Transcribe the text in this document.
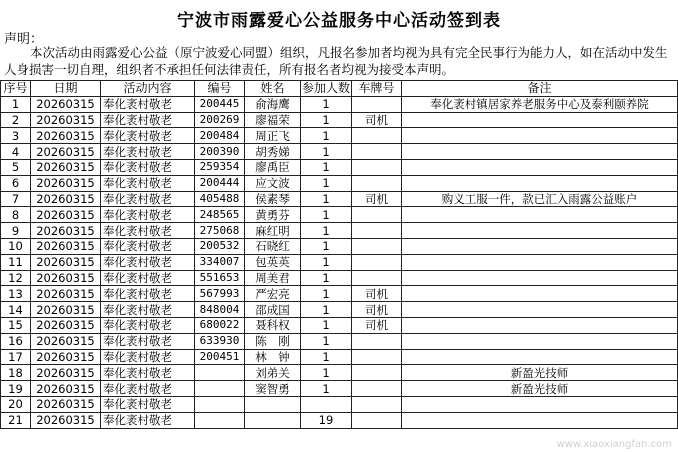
宁波市雨露爱心公益服务中心活动签到表
声明：
本次活动由雨露爱心公益（原宁波爱心同盟）组织，凡报名参加者均视为具有完全民事行为能力人，如在活动中发生人身损害一切自理，组织者不承担任何法律责任，所有报名者均视为接受本声明。
序号	日期	活动内容	编号	姓名	参加人数	车牌号	备注
1	20260315	奉化袤村敬老	200445	俞海鹰	1		奉化袤村镇居家养老服务中心及泰利颐养院
2	20260315	奉化袤村敬老	200269	廖福荣	1	司机	
3	20260315	奉化袤村敬老	200484	周正飞	1		
4	20260315	奉化袤村敬老	200390	胡秀娣	1		
5	20260315	奉化袤村敬老	259354	廖禹臣	1		
6	20260315	奉化袤村敬老	200444	应文波	1		
7	20260315	奉化袤村敬老	405488	侯素琴	1	司机	购义工服一件，款已汇入雨露公益账户
8	20260315	奉化袤村敬老	248565	黄勇芬	1		
9	20260315	奉化袤村敬老	275068	麻红明	1		
10	20260315	奉化袤村敬老	200532	石晓红	1		
11	20260315	奉化袤村敬老	334007	包英英	1		
12	20260315	奉化袤村敬老	551653	周美君	1		
13	20260315	奉化袤村敬老	567993	严宏亮	1	司机	
14	20260315	奉化袤村敬老	848004	邵成国	1	司机	
15	20260315	奉化袤村敬老	680022	聂科权	1	司机	
16	20260315	奉化袤村敬老	633930	陈　刚	1		
17	20260315	奉化袤村敬老	200451	林　钟	1		
18	20260315	奉化袤村敬老		刘弟关	1		新盈光技师
19	20260315	奉化袤村敬老		窦智勇	1		新盈光技师
20	20260315	奉化袤村敬老					
21	20260315	奉化袤村敬老			19		
www.xiaoxiangfan.com
